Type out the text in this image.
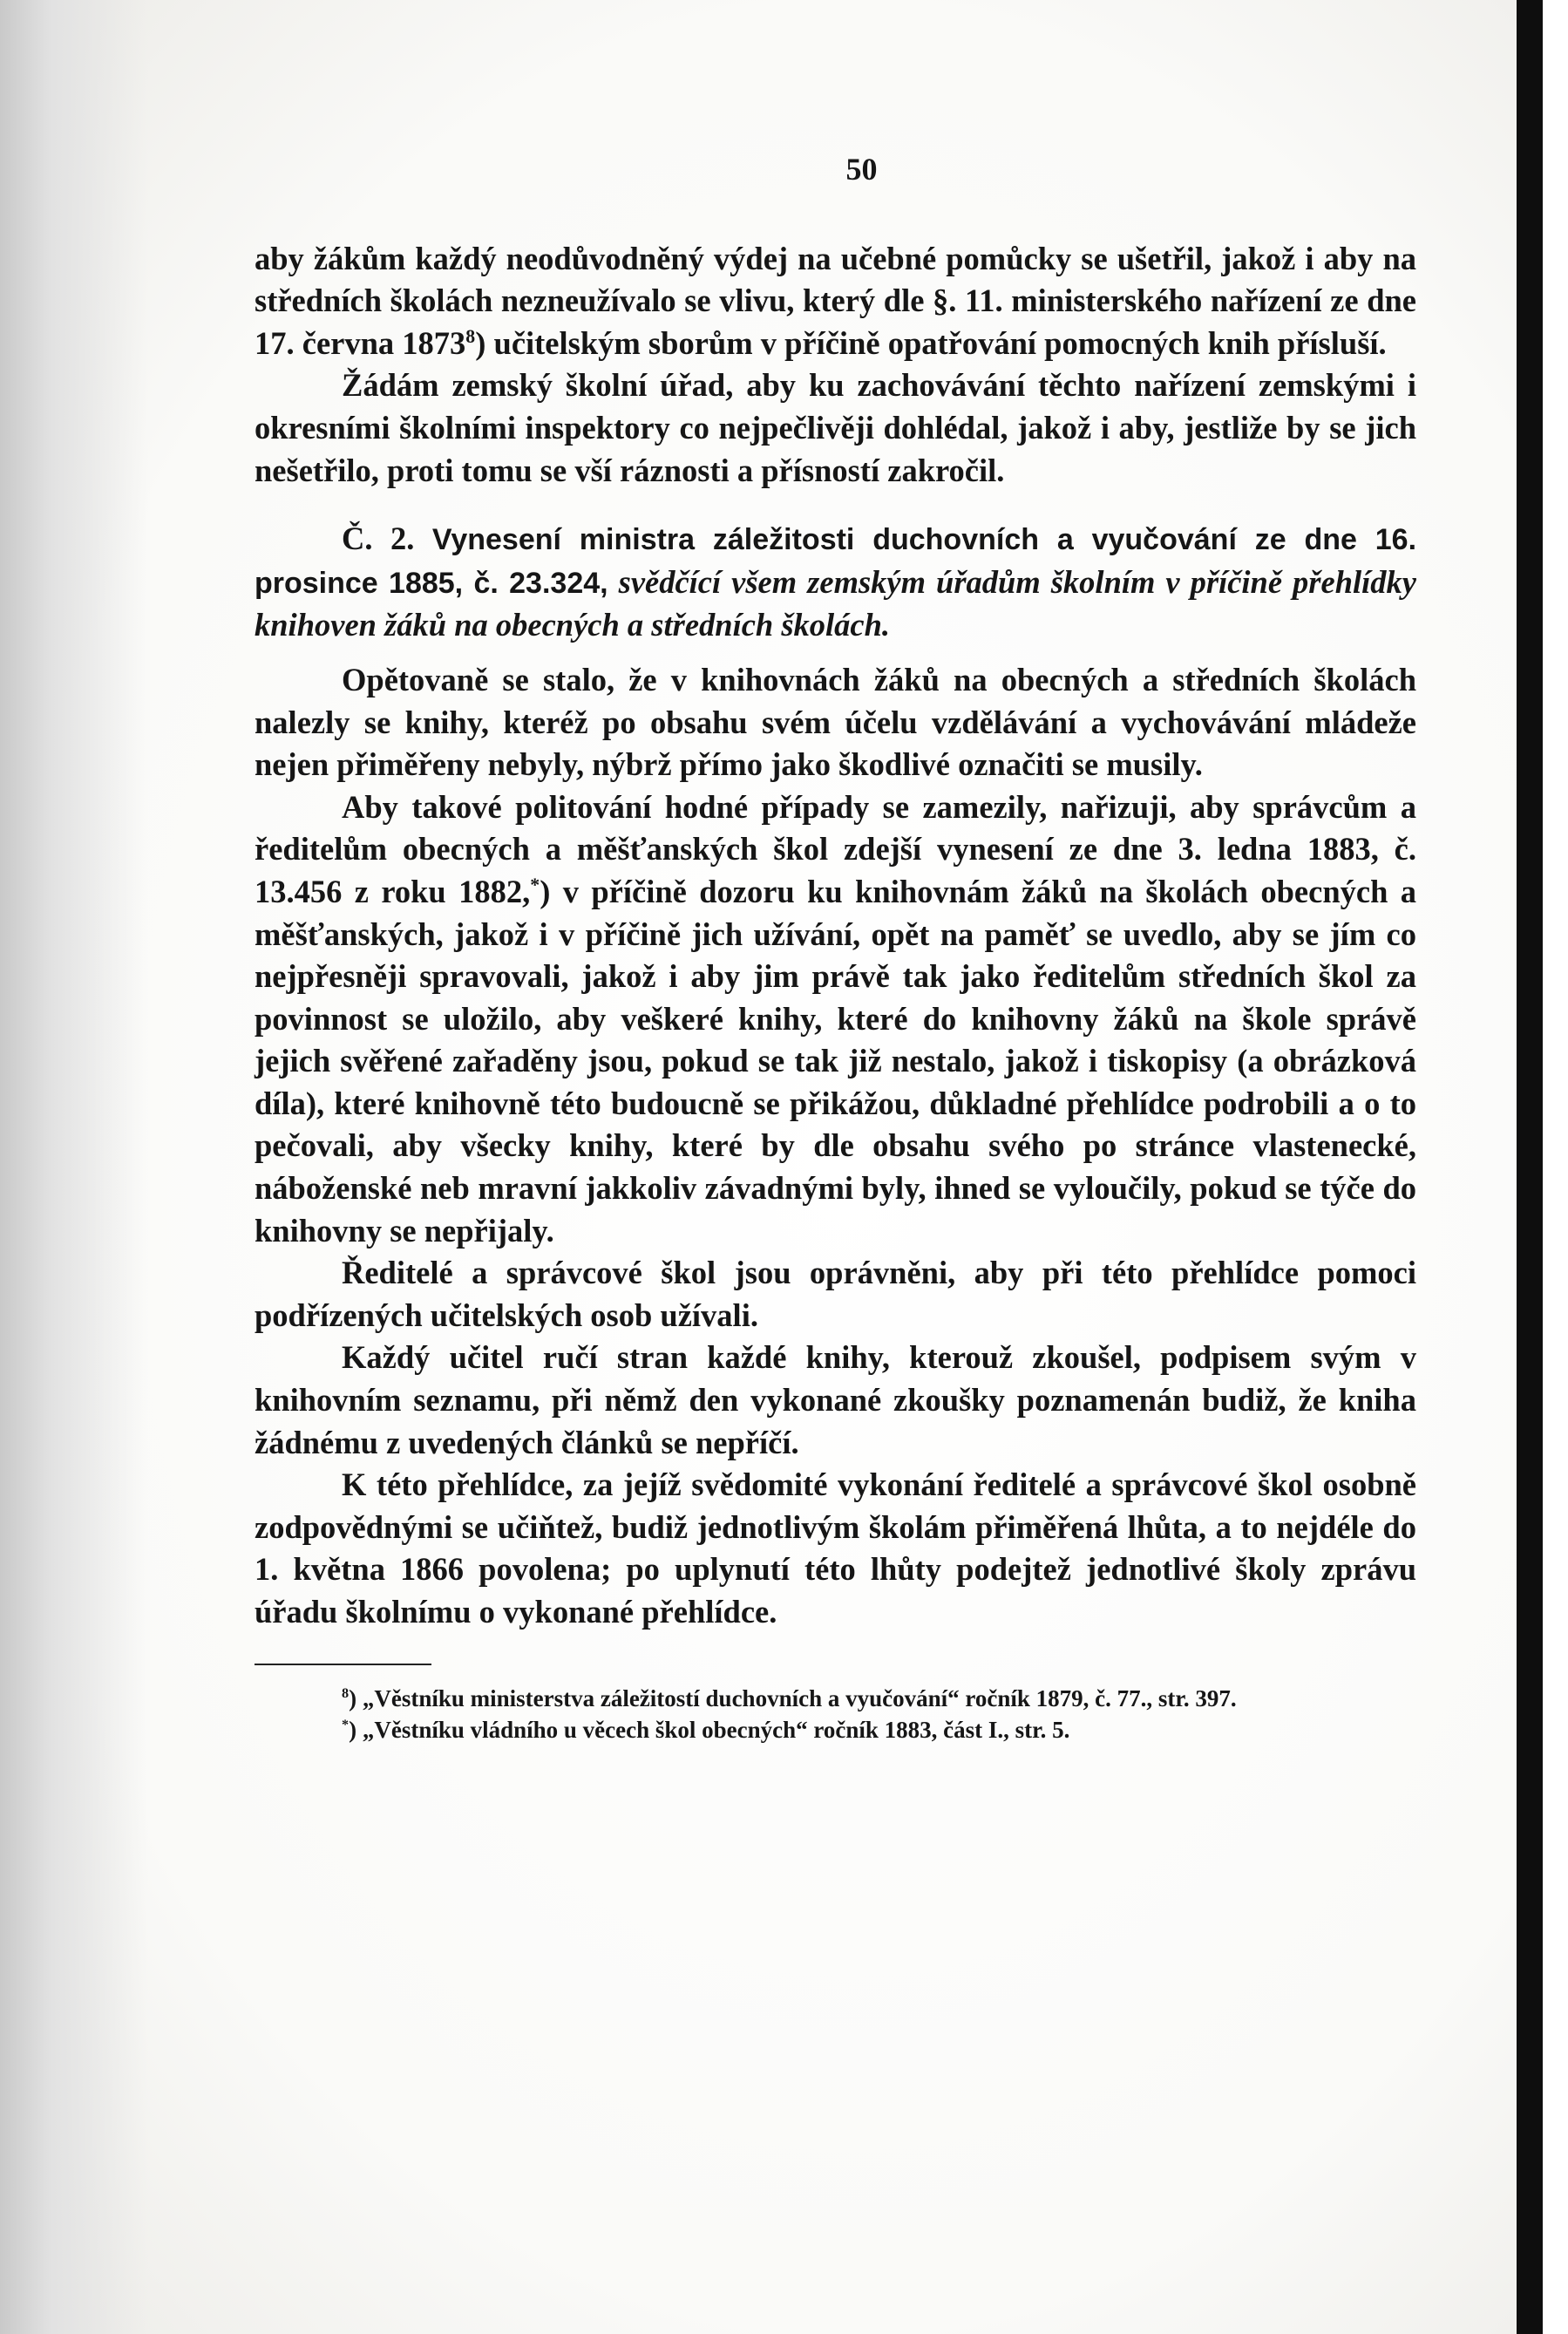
50

aby žákům každý neodůvodněný výdej na učebné pomůcky se ušetřil, jakož i aby na středních školách nezneužívalo se vlivu, který dle §. 11. ministerského nařízení ze dne 17. června 1873$^8$) učitelským sborům v příčině opatřování pomocných knih přísluší.

Žádám zemský školní úřad, aby ku zachovávání těchto nařízení zemskými i okresními školními inspektory co nejpečlivěji dohlédal, jakož i aby, jestliže by se jich nešetřilo, proti tomu se vší ráznosti a přísností zakročil.

Č. 2. Vynesení ministra záležitosti duchovních a vyučování ze dne 16. prosince 1885, č. 23.324, svědčící všem zemským úřadům školním v příčině přehlídky knihoven žáků na obecných a středních školách.

Opětovaně se stalo, že v knihovnách žáků na obecných a středních školách nalezly se knihy, kteréž po obsahu svém účelu vzdělávání a vychovávání mládeže nejen přiměřeny nebyly, nýbrž přímo jako škodlivé označiti se musily.

Aby takové politování hodné případy se zamezily, nařizuji, aby správcům a ředitelům obecných a měšťanských škol zdejší vynesení ze dne 3. ledna 1883, č. 13.456 z roku 1882,*) v příčině dozoru ku knihovnám žáků na školách obecných a měšťanských, jakož i v příčině jich užívání, opět na paměť se uvedlo, aby se jím co nejpřesněji spravovali, jakož i aby jim právě tak jako ředitelům středních škol za povinnost se uložilo, aby veškeré knihy, které do knihovny žáků na škole správě jejich svěřené zařaděny jsou, pokud se tak již nestalo, jakož i tiskopisy (a obrázková díla), které knihovně této budoucně se přikážou, důkladné přehlídce podrobili a o to pečovali, aby všecky knihy, které by dle obsahu svého po stránce vlastenecké, náboženské neb mravní jakkoliv závadnými byly, ihned se vyloučily, pokud se týče do knihovny se nepřijaly.

Ředitelé a správcové škol jsou oprávněni, aby při této přehlídce pomoci podřízených učitelských osob užívali.

Každý učitel ručí stran každé knihy, kterouž zkoušel, podpisem svým v knihovním seznamu, při němž den vykonané zkoušky poznamenán budiž, že kniha žádnému z uvedených článků se nepříčí.

K této přehlídce, za jejíž svědomité vykonání ředitelé a správcové škol osobně zodpovědnými se učiňtež, budiž jednotlivým školám přiměřená lhůta, a to nejdéle do 1. května 1866 povolena; po uplynutí této lhůty podejtež jednotlivé školy zprávu úřadu školnímu o vykonané přehlídce.

$^8$) „Věstníku ministerstva záležitostí duchovních a vyučování“ ročník 1879, č. 77., str. 397.

*) „Věstníku vládního u věcech škol obecných“ ročník 1883, část I., str. 5.
